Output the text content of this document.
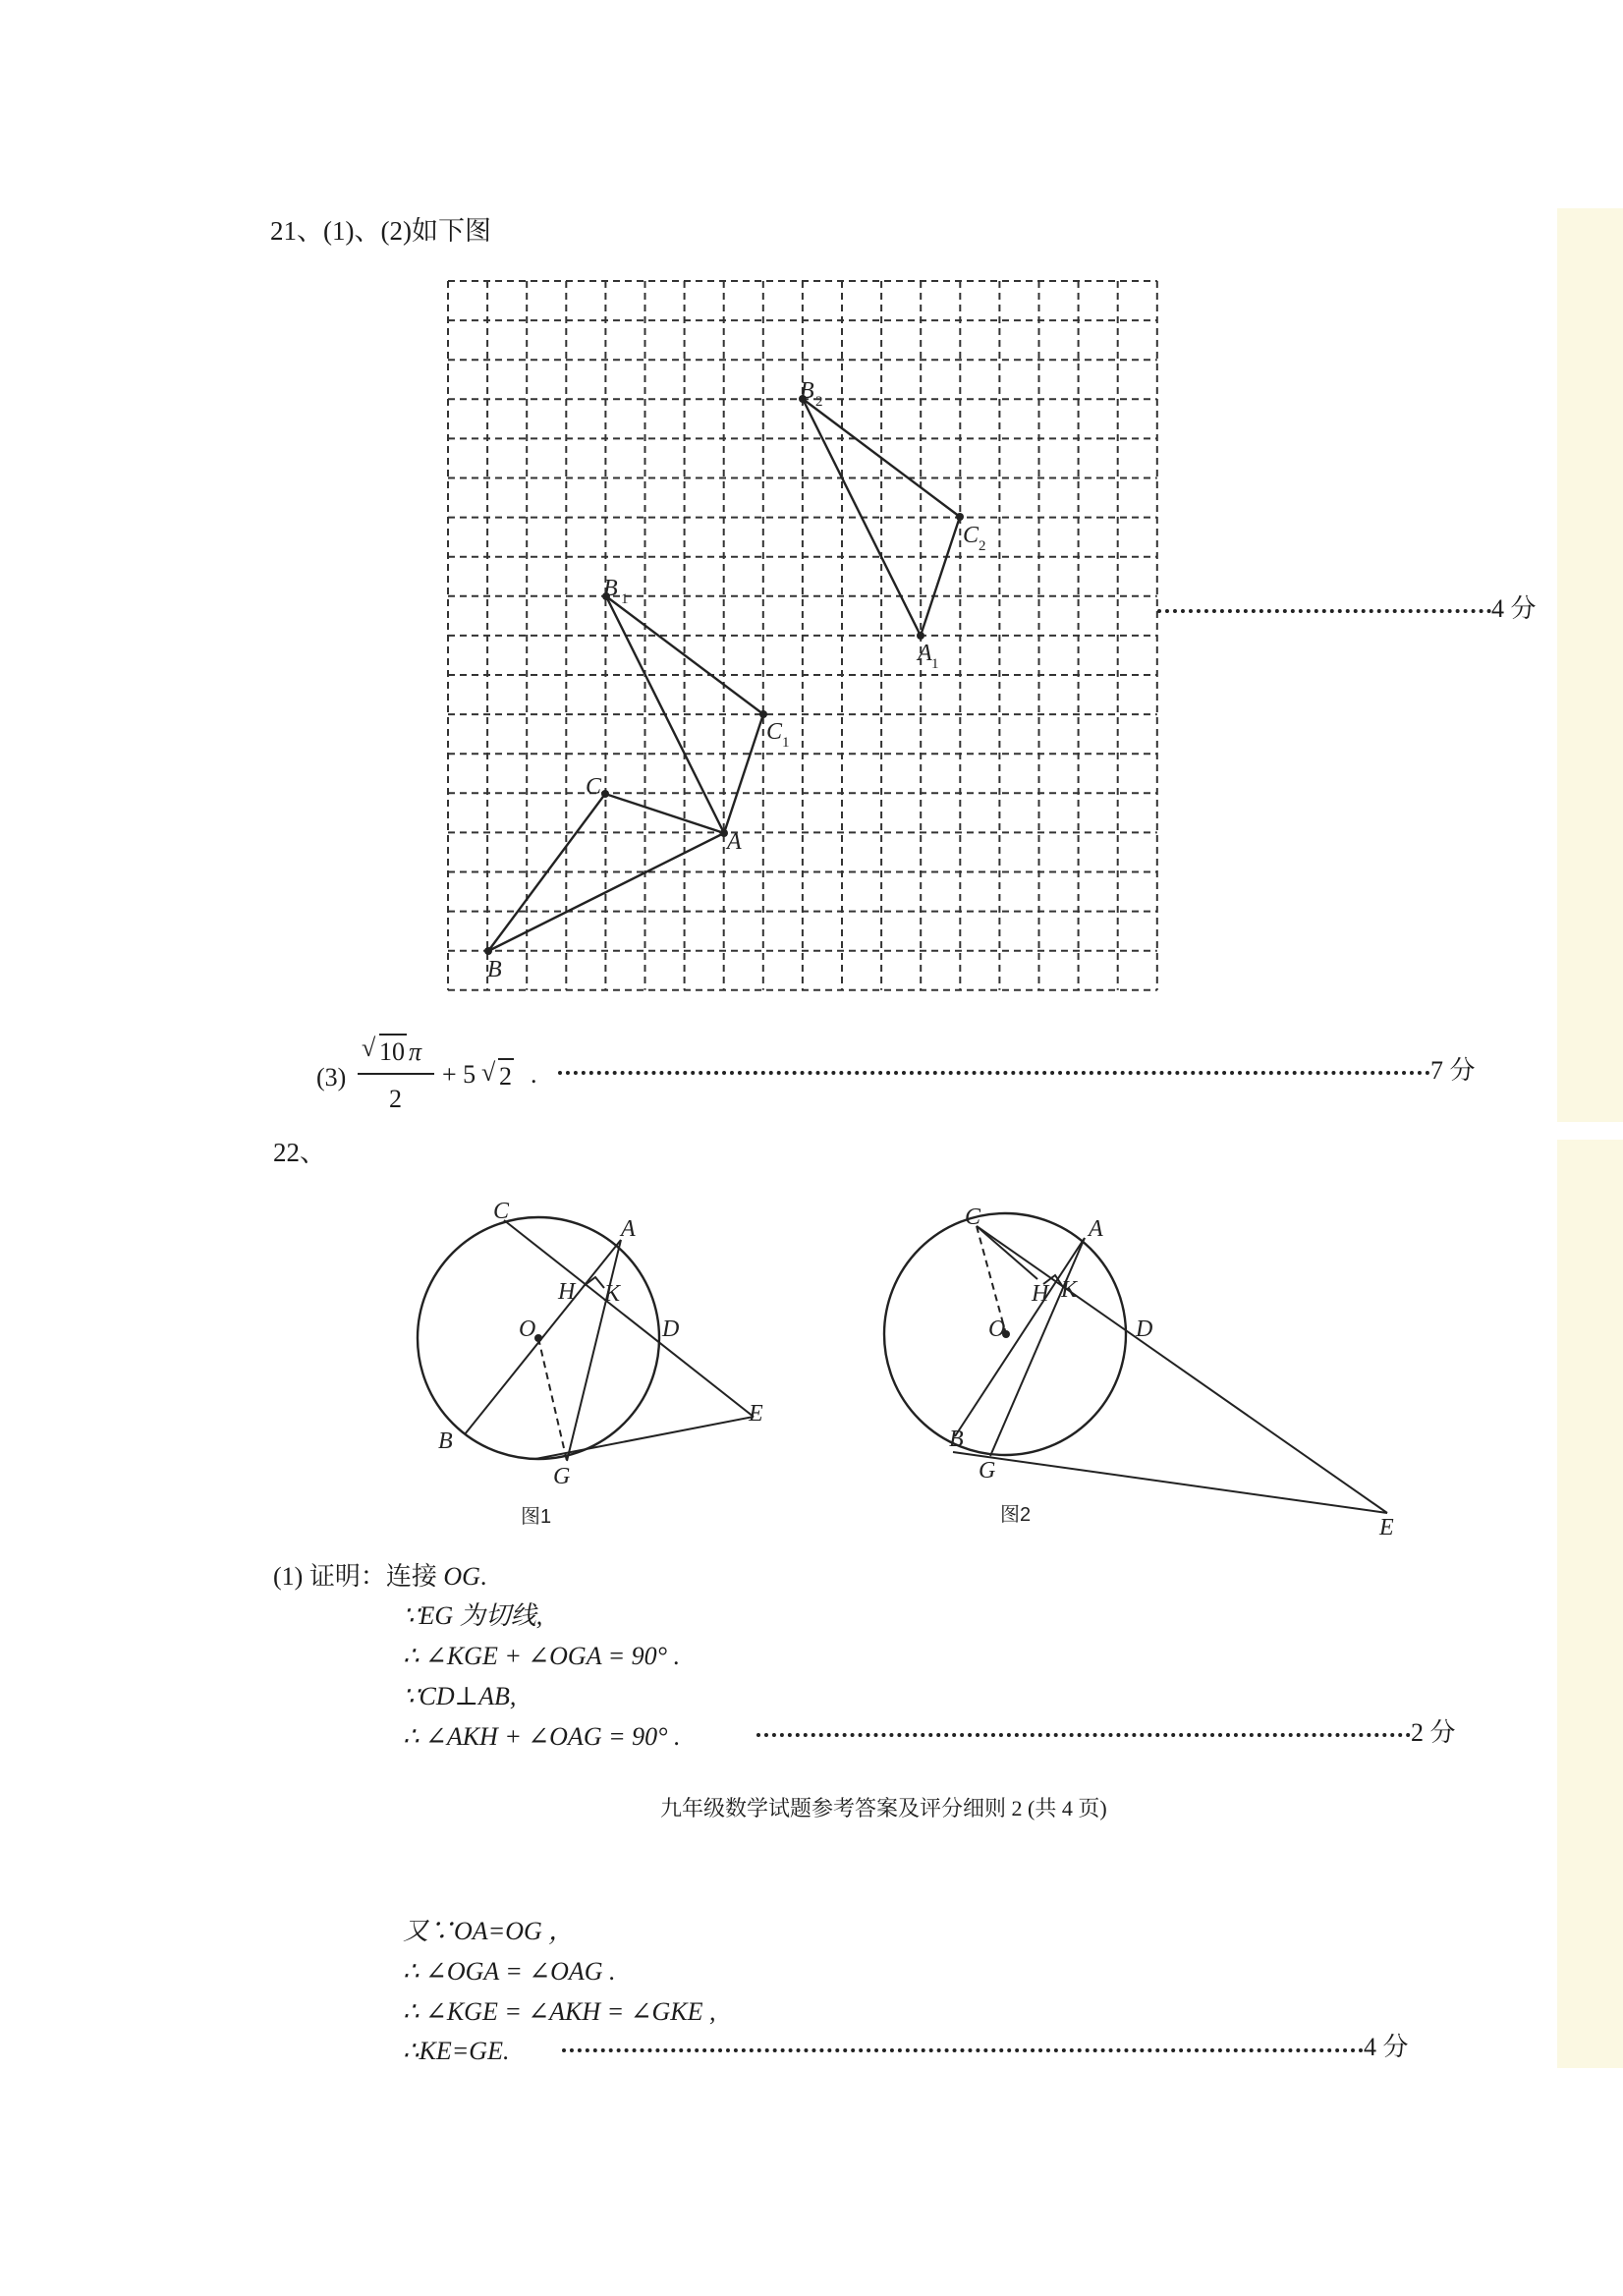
21、(1)、(2)如下图
C
A
B
B 1
C 1
B 2
C 2
A 1
4 分
(3)
√ 10 π
2
+ 5 √ 2 .	7 分
22、
C
A
H K
O	D
B
G
E
图1
C	A
H K
O	D
B
G
E
图2
(1) 证明：连接 OG.
∵EG 为切线,
∴ ∠KGE + ∠OGA = 90° .
∵CD⊥AB,
∴ ∠AKH + ∠OAG = 90° .	2 分
九年级数学试题参考答案及评分细则 2 (共 4 页)
又∵OA=OG ，
∴ ∠OGA = ∠OAG .
∴ ∠KGE = ∠AKH = ∠GKE ,
∴KE=GE.	4 分
